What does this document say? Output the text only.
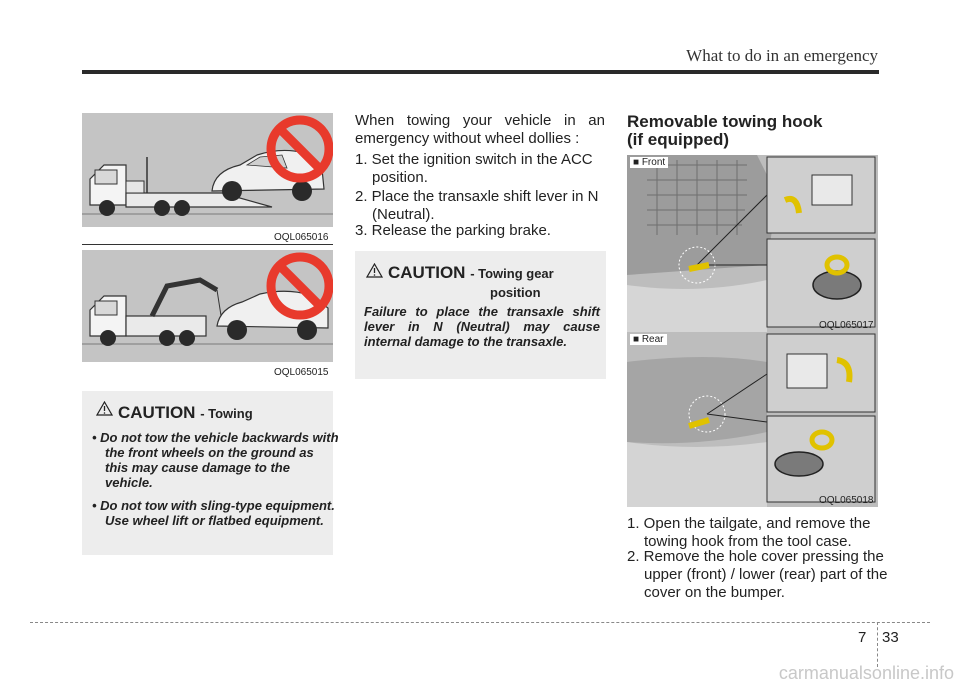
What to do in an emergency
OQL065016
OQL065015
CAUTION - Towing
• Do not tow the vehicle backwards with the front wheels on the ground as this may cause damage to the vehicle.
• Do not tow with sling-type equipment. Use wheel lift or flatbed equipment.
When towing your vehicle in an emergency without wheel dollies :
1. Set the ignition switch in the ACC position.
2. Place the transaxle shift lever in N (Neutral).
3. Release the parking brake.
CAUTION - Towing gear
position
Failure to place the transaxle shift lever in N (Neutral) may cause internal damage to the transaxle.
Removable towing hook
(if equipped)
■ Front
OQL065017
■ Rear
OQL065018
1. Open the tailgate, and remove the towing hook from the tool case.
2. Remove the hole cover pressing the upper (front) / lower (rear) part of the cover on the bumper.
7 33
carmanualsonline.info
